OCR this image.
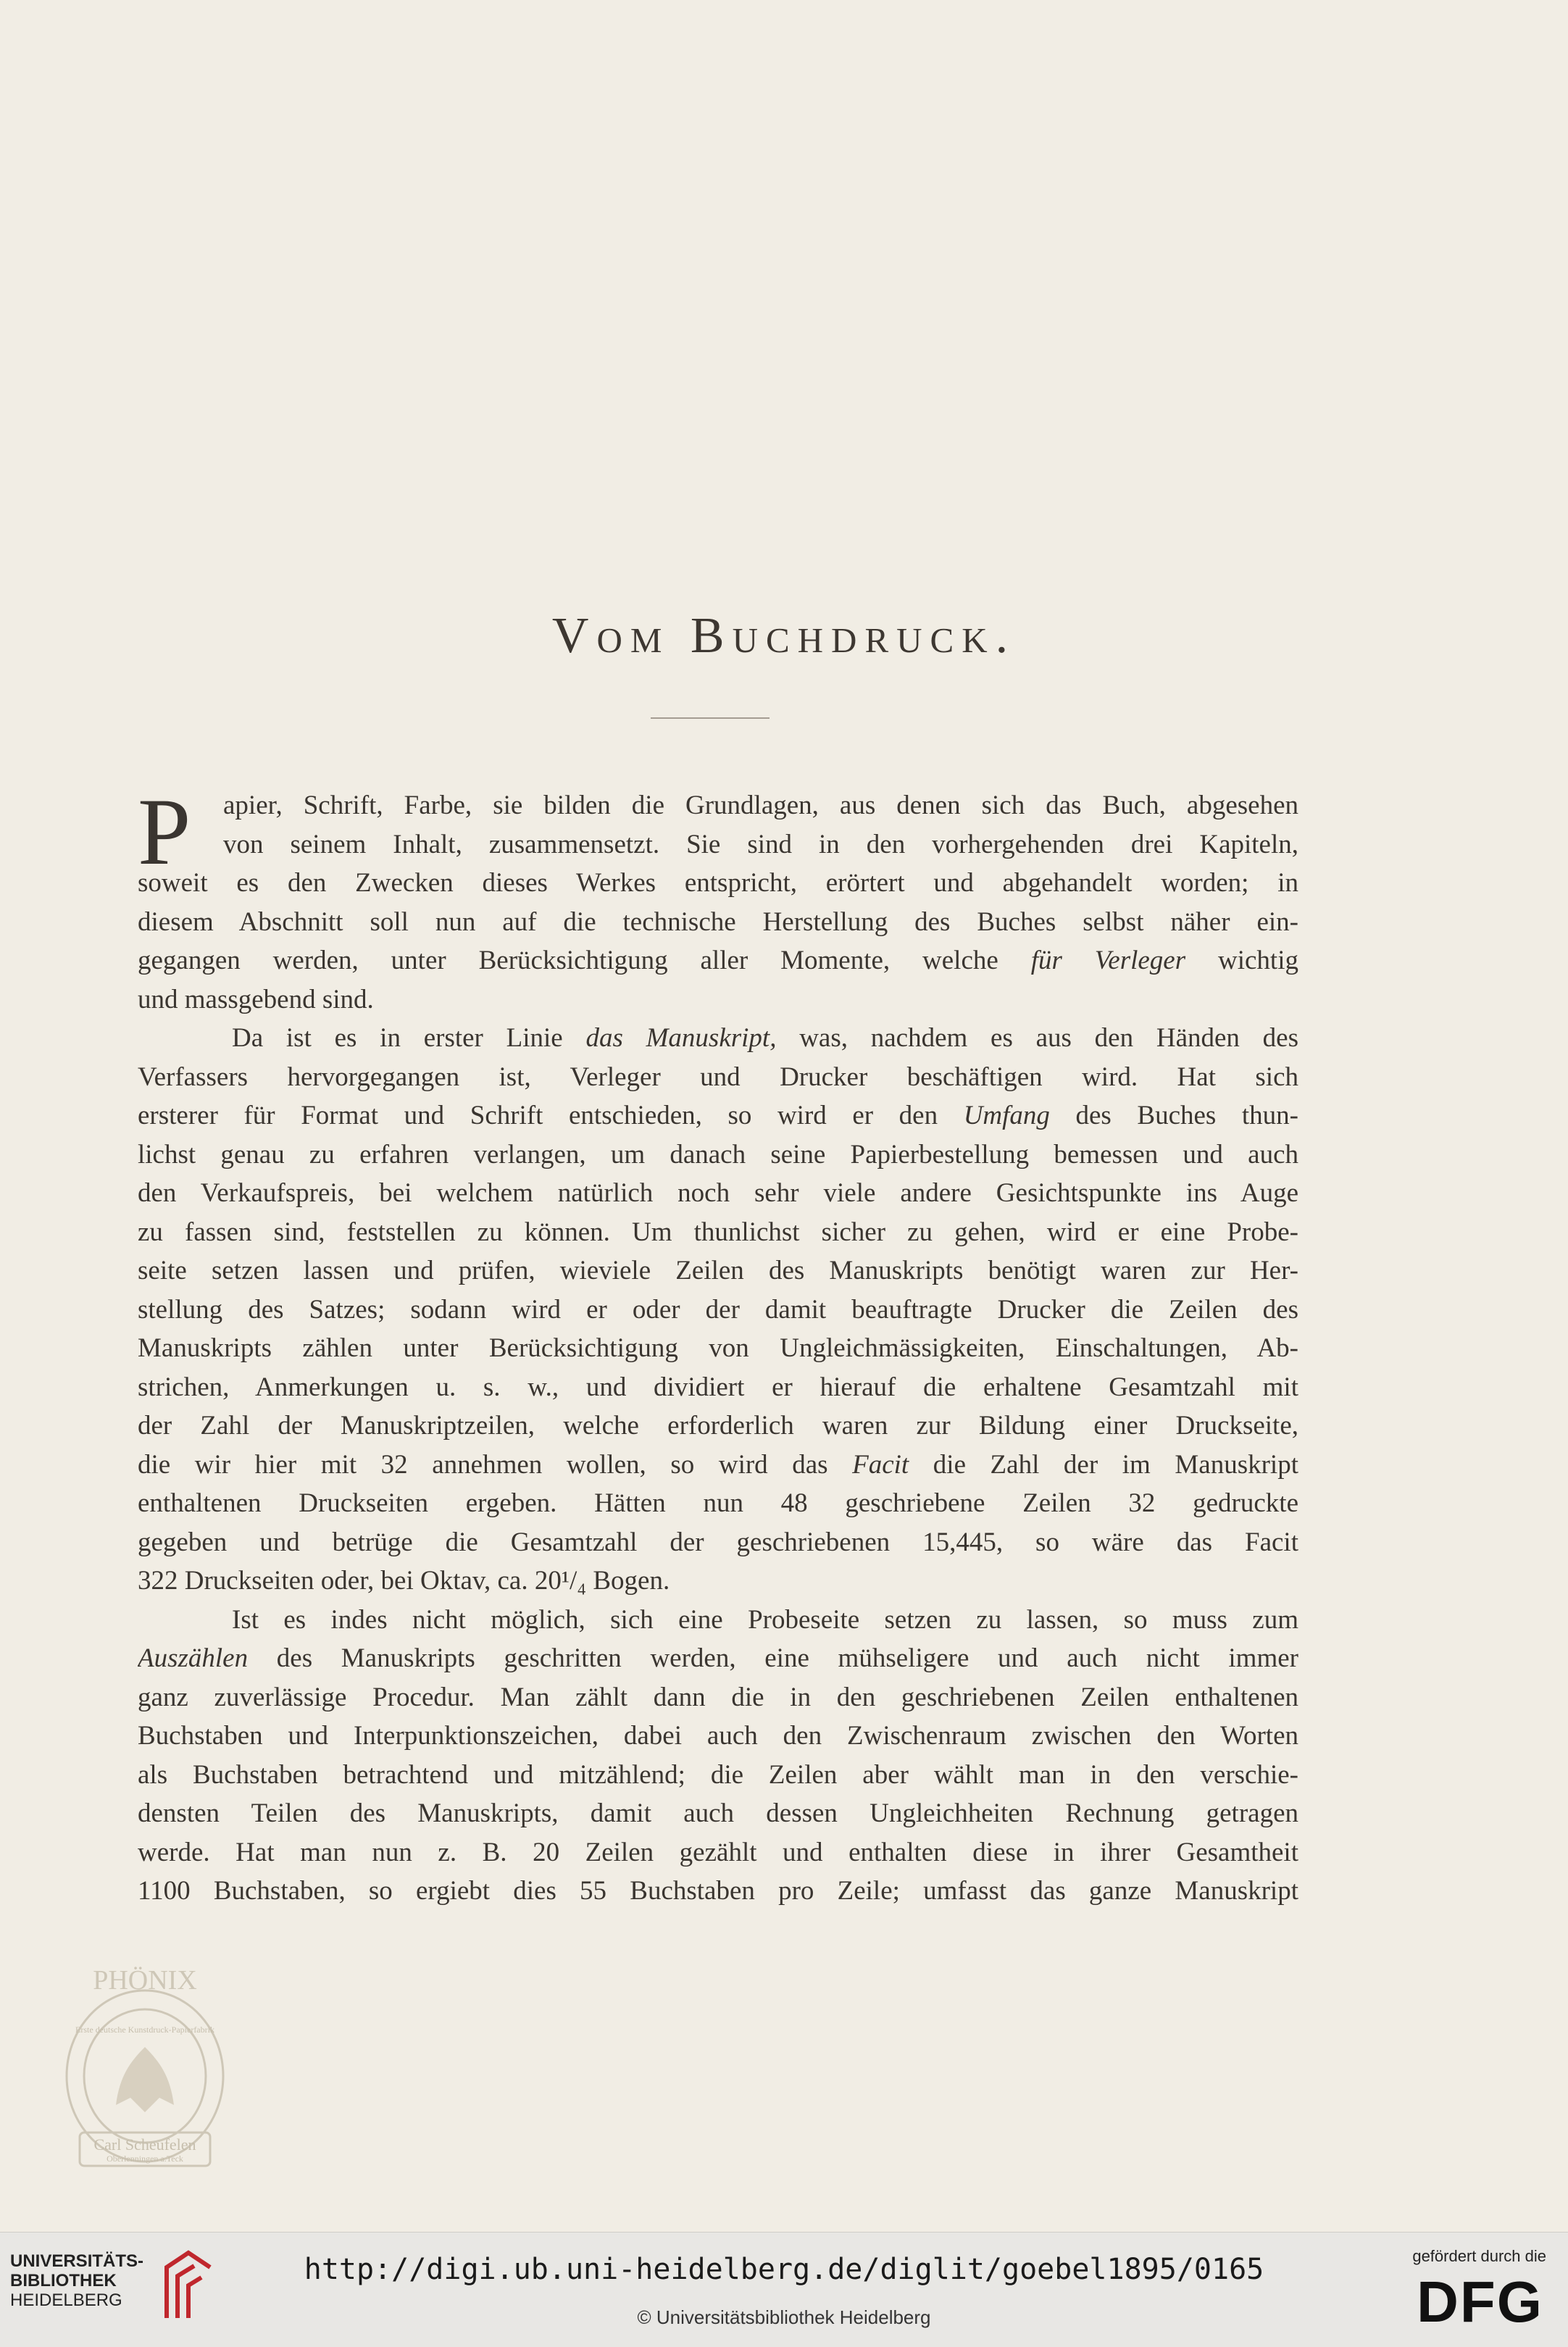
Vom Buchdruck.
P	apier, Schrift, Farbe, sie bilden die Grundlagen, aus denen sich das Buch, abgesehen
von seinem Inhalt, zusammensetzt. Sie sind in den vorhergehenden drei Kapiteln,
soweit es den Zwecken dieses Werkes entspricht, erörtert und abgehandelt worden; in
diesem Abschnitt soll nun auf die technische Herstellung des Buches selbst näher ein-
gegangen werden, unter Berücksichtigung aller Momente, welche für Verleger wichtig
und massgebend sind.
Da ist es in erster Linie das Manuskript, was, nachdem es aus den Händen des
Verfassers hervorgegangen ist, Verleger und Drucker beschäftigen wird. Hat sich
ersterer für Format und Schrift entschieden, so wird er den Umfang des Buches thun-
lichst genau zu erfahren verlangen, um danach seine Papierbestellung bemessen und auch
den Verkaufspreis, bei welchem natürlich noch sehr viele andere Gesichtspunkte ins Auge
zu fassen sind, feststellen zu können. Um thunlichst sicher zu gehen, wird er eine Probe-
seite setzen lassen und prüfen, wieviele Zeilen des Manuskripts benötigt waren zur Her-
stellung des Satzes; sodann wird er oder der damit beauftragte Drucker die Zeilen des
Manuskripts zählen unter Berücksichtigung von Ungleichmässigkeiten, Einschaltungen, Ab-
strichen, Anmerkungen u. s. w., und dividiert er hierauf die erhaltene Gesamtzahl mit
der Zahl der Manuskriptzeilen, welche erforderlich waren zur Bildung einer Druckseite,
die wir hier mit 32 annehmen wollen, so wird das Facit die Zahl der im Manuskript
enthaltenen Druckseiten ergeben. Hätten nun 48 geschriebene Zeilen 32 gedruckte
gegeben und betrüge die Gesamtzahl der geschriebenen 15,445, so wäre das Facit
322 Druckseiten oder, bei Oktav, ca. 20¹/₄ Bogen.
Ist es indes nicht möglich, sich eine Probeseite setzen zu lassen, so muss zum
Auszählen des Manuskripts geschritten werden, eine mühseligere und auch nicht immer
ganz zuverlässige Procedur. Man zählt dann die in den geschriebenen Zeilen enthaltenen
Buchstaben und Interpunktionszeichen, dabei auch den Zwischenraum zwischen den Worten
als Buchstaben betrachtend und mitzählend; die Zeilen aber wählt man in den verschie-
densten Teilen des Manuskripts, damit auch dessen Ungleichheiten Rechnung getragen
werde. Hat man nun z. B. 20 Zeilen gezählt und enthalten diese in ihrer Gesamtheit
1100 Buchstaben, so ergiebt dies 55 Buchstaben pro Zeile; umfasst das ganze Manuskript
PHÖNIX
Carl Scheufelen
Oberlenningen a.Teck
Erste deutsche Kunstdruck-Papierfabrik
UNIVERSITÄTS-
BIBLIOTHEK
HEIDELBERG
http://digi.ub.uni-heidelberg.de/diglit/goebel1895/0165
© Universitätsbibliothek Heidelberg
gefördert durch die
DFG
